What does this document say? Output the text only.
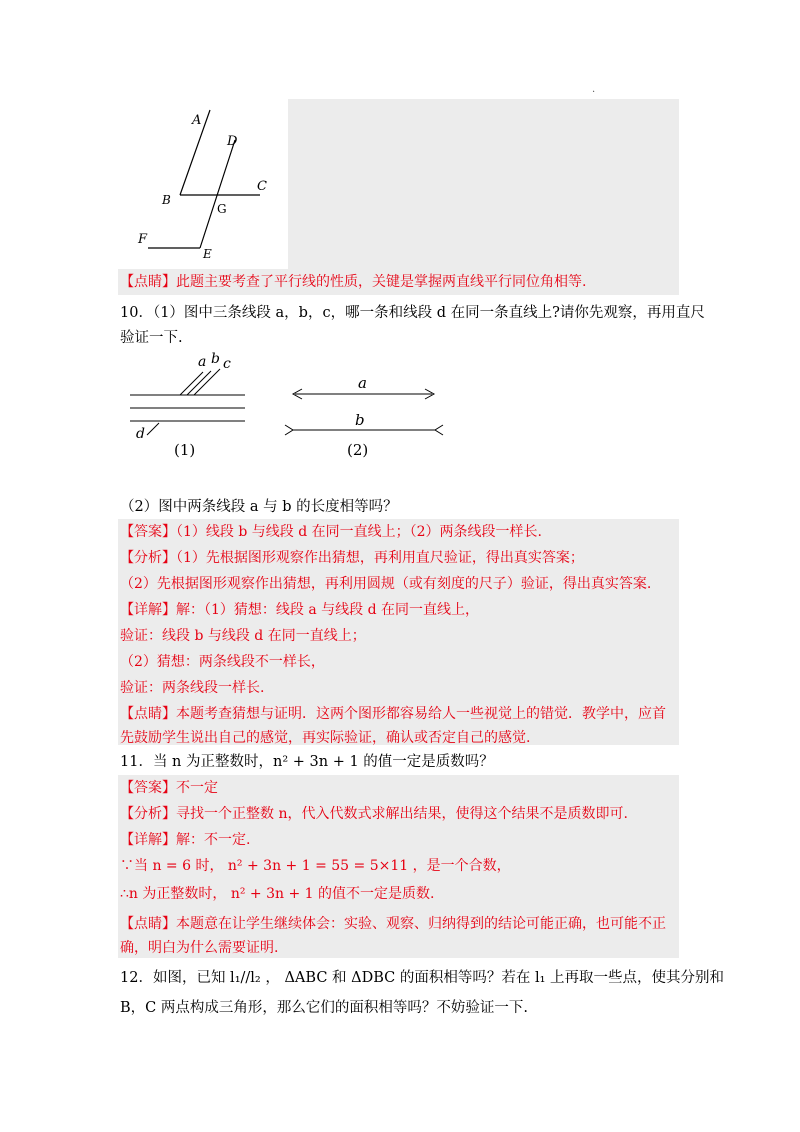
.
A
D
C
B
G
F
E
【点睛】此题主要考查了平行线的性质，关键是掌握两直线平行同位角相等.
10．（1）图中三条线段 a，b，c，哪一条和线段 d 在同一条直线上?请你先观察，再用直尺
验证一下.
a b c
d
(1)
a
b
(2)
（2）图中两条线段 a 与 b 的长度相等吗？
【答案】（1）线段 b 与线段 d 在同一直线上；（2）两条线段一样长.
【分析】（1）先根据图形观察作出猜想，再利用直尺验证，得出真实答案；
（2）先根据图形观察作出猜想，再利用圆规（或有刻度的尺子）验证，得出真实答案.
【详解】解：（1）猜想：线段 a 与线段 d 在同一直线上，
验证：线段 b 与线段 d 在同一直线上；
（2）猜想：两条线段不一样长，
验证：两条线段一样长.
【点睛】本题考查猜想与证明．这两个图形都容易给人一些视觉上的错觉．教学中，应首
先鼓励学生说出自己的感觉，再实际验证，确认或否定自己的感觉.
11．当 n 为正整数时，n² + 3n + 1 的值一定是质数吗？
【答案】不一定
【分析】寻找一个正整数 n，代入代数式求解出结果，使得这个结果不是质数即可.
【详解】解：不一定.
∵当 n = 6 时， n² + 3n + 1 = 55 = 5×11 ，是一个合数，
∴n 为正整数时， n² + 3n + 1 的值不一定是质数.
【点睛】本题意在让学生继续体会：实验、观察、归纳得到的结论可能正确，也可能不正
确，明白为什么需要证明.
12．如图，已知 l₁//l₂ ， ΔABC 和 ΔDBC 的面积相等吗？若在 l₁ 上再取一些点，使其分别和
B，C 两点构成三角形，那么它们的面积相等吗？不妨验证一下.
